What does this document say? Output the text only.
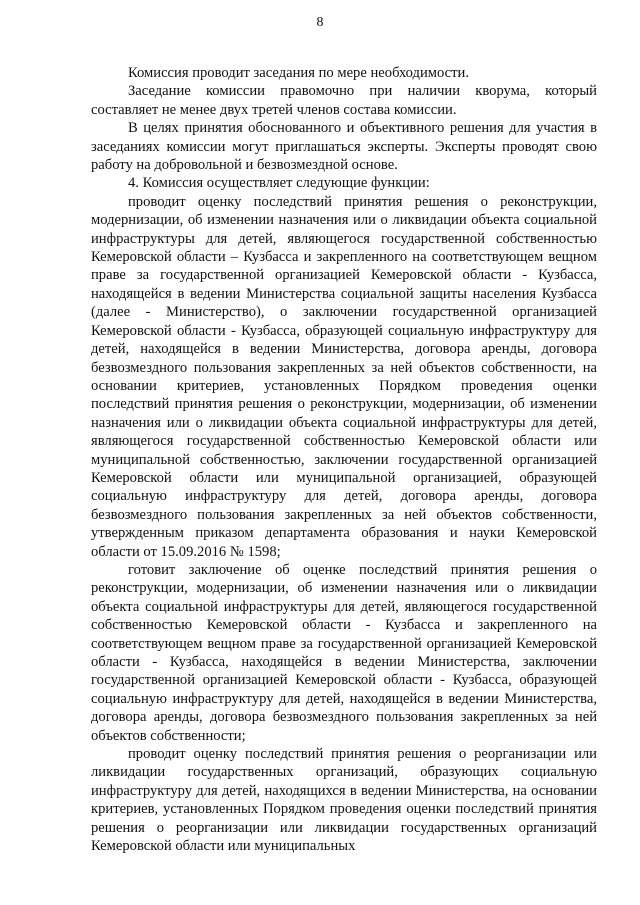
8

Комиссия проводит заседания по мере необходимости.

Заседание комиссии правомочно при наличии кворума, который составляет не менее двух третей членов состава комиссии.

В целях принятия обоснованного и объективного решения для участия в заседаниях комиссии могут приглашаться эксперты. Эксперты проводят свою работу на добровольной и безвозмездной основе.

4. Комиссия осуществляет следующие функции:

проводит оценку последствий принятия решения о реконструкции, модернизации, об изменении назначения или о ликвидации объекта социальной инфраструктуры для детей, являющегося государственной собственностью Кемеровской области – Кузбасса и закрепленного на соответствующем вещном праве за государственной организацией Кемеровской области - Кузбасса, находящейся в ведении Министерства социальной защиты населения Кузбасса (далее - Министерство), о заключении государственной организацией Кемеровской области - Кузбасса, образующей социальную инфраструктуру для детей, находящейся в ведении Министерства, договора аренды, договора безвозмездного пользования закрепленных за ней объектов собственности, на основании критериев, установленных Порядком проведения оценки последствий принятия решения о реконструкции, модернизации, об изменении назначения или о ликвидации объекта социальной инфраструктуры для детей, являющегося государственной собственностью Кемеровской области или муниципальной собственностью, заключении государственной организацией Кемеровской области или муниципальной организацией, образующей социальную инфраструктуру для детей, договора аренды, договора безвозмездного пользования закрепленных за ней объектов собственности, утвержденным приказом департамента образования и науки Кемеровской области от 15.09.2016 № 1598;

готовит заключение об оценке последствий принятия решения о реконструкции, модернизации, об изменении назначения или о ликвидации объекта социальной инфраструктуры для детей, являющегося государственной собственностью Кемеровской области - Кузбасса и закрепленного на соответствующем вещном праве за государственной организацией Кемеровской области - Кузбасса, находящейся в ведении Министерства, заключении государственной организацией Кемеровской области - Кузбасса, образующей социальную инфраструктуру для детей, находящейся в ведении Министерства, договора аренды, договора безвозмездного пользования закрепленных за ней объектов собственности;

проводит оценку последствий принятия решения о реорганизации или ликвидации государственных организаций, образующих социальную инфраструктуру для детей, находящихся в ведении Министерства, на основании критериев, установленных Порядком проведения оценки последствий принятия решения о реорганизации или ликвидации государственных организаций Кемеровской области или муниципальных
